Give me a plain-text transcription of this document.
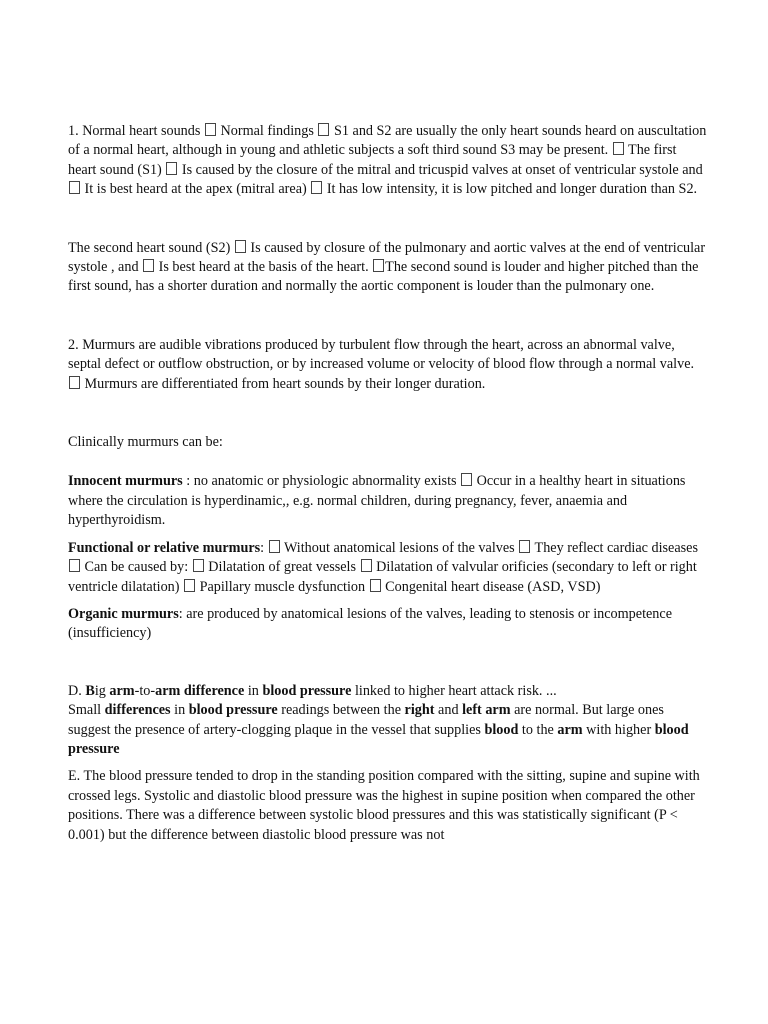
1. Normal heart sounds Normal findings S1 and S2 are usually the only heart sounds heard on auscultation of a normal heart, although in young and athletic subjects a soft third sound S3 may be present. The first heart sound (S1) Is caused by the closure of the mitral and tricuspid valves at onset of ventricular systole and  It is best heard at the apex (mitral area) It has low intensity, it is low pitched and longer duration than S2.

The second heart sound (S2) Is caused by closure of the pulmonary and aortic valves at the end of ventricular systole , and Is best heard at the basis of the heart. The second sound is louder and higher pitched than the first sound, has a shorter duration and normally the aortic component is louder than the pulmonary one.

2. Murmurs are audible vibrations produced by turbulent flow through the heart, across an abnormal valve, septal defect or outflow obstruction, or by increased volume or velocity of blood flow through a normal valve.  Murmurs are differentiated from heart sounds by their longer duration.

Clinically murmurs can be:

Innocent murmurs : no anatomic or physiologic abnormality exists Occur in a healthy heart in situations where the circulation is hyperdinamic,, e.g. normal children, during pregnancy, fever, anaemia and hyperthyroidism.

Functional or relative murmurs: Without anatomical lesions of the valves They reflect cardiac diseases  Can be caused by: Dilatation of great vessels Dilatation of valvular orificies (secondary to left or right ventricle dilatation) Papillary muscle dysfunction Congenital heart disease (ASD, VSD)

Organic murmurs: are produced by anatomical lesions of the valves, leading to stenosis or incompetence (insufficiency)

D. Big arm-to-arm difference in blood pressure linked to higher heart attack risk. ...
Small differences in blood pressure readings between the right and left arm are normal. But large ones suggest the presence of artery-clogging plaque in the vessel that supplies blood to the arm with higher blood pressure

E. The blood pressure tended to drop in the standing position compared with the sitting, supine and supine with crossed legs. Systolic and diastolic blood pressure was the highest in supine position when compared the other positions. There was a difference between systolic blood pressures and this was statistically significant (P < 0.001) but the difference between diastolic blood pressure was not
